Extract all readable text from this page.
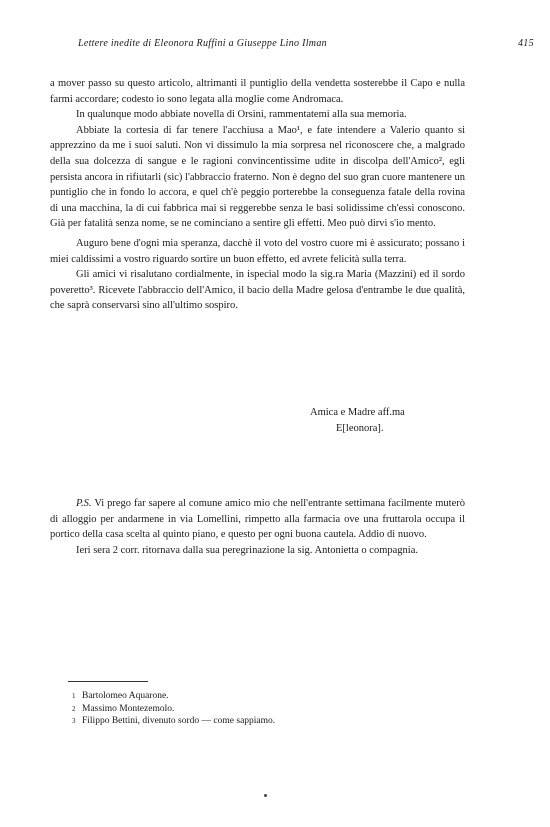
Lettere inedite di Eleonora Ruffini a Giuseppe Lino Ilman	415

a mover passo su questo articolo, altrimanti il puntiglio della vendetta sosterebbe il Capo e nulla farmi accordare; codesto io sono legata alla moglie come Andromaca.

In qualunque modo abbiate novella di Orsini, rammentatemi alla sua memoria.

Abbiate la cortesia di far tenere l'acchiusa a Mao¹, e fate intendere a Valerio quanto si apprezzino da me i suoi saluti. Non vi dissimulo la mia sorpresa nel riconoscere che, a malgrado della sua dolcezza di sangue e le ragioni convincentissime udite in discolpa dell'Amico², egli persista ancora in rifiutarli (sic) l'abbraccio fraterno. Non è degno del suo gran cuore mantenere un puntiglio che in fondo lo accora, e quel ch'è peggio porterebbe la conseguenza fatale della rovina di una macchina, la di cui fabbrica mai si reggerebbe senza le basi solidissime ch'essi conoscono. Già per fatalità senza nome, se ne cominciano a sentire gli effetti. Meo può dirvi s'io mento.

Auguro bene d'ogni mia speranza, dacchè il voto del vostro cuore mi è assicurato; possano i miei caldissimi a vostro riguardo sortire un buon effetto, ed avrete felicità sulla terra.

Gli amici vi risalutano cordialmente, in ispecial modo la sig.ra Maria (Mazzini) ed il sordo poveretto³. Ricevete l'abbraccio dell'Amico, il bacio della Madre gelosa d'entrambe le due qualità, che saprà conservarsi sino all'ultimo sospiro.

Amica e Madre aff.ma
E[leonora].

P.S. Vi prego far sapere al comune amico mio che nell'entrante settimana facilmente muterò di alloggio per andarmene in via Lomellini, rimpetto alla farmacia ove una fruttarola occupa il portico della casa scelta al quinto piano, e questo per ogni buona cautela. Addio di nuovo.

Ieri sera 2 corr. ritornava dalla sua peregrinazione la sig. Antonietta o compagnia.

$^1$ Bartolomeo Aquarone.
$^2$ Massimo Montezemolo.
$^3$ Filippo Bettini, divenuto sordo — come sappiamo.
